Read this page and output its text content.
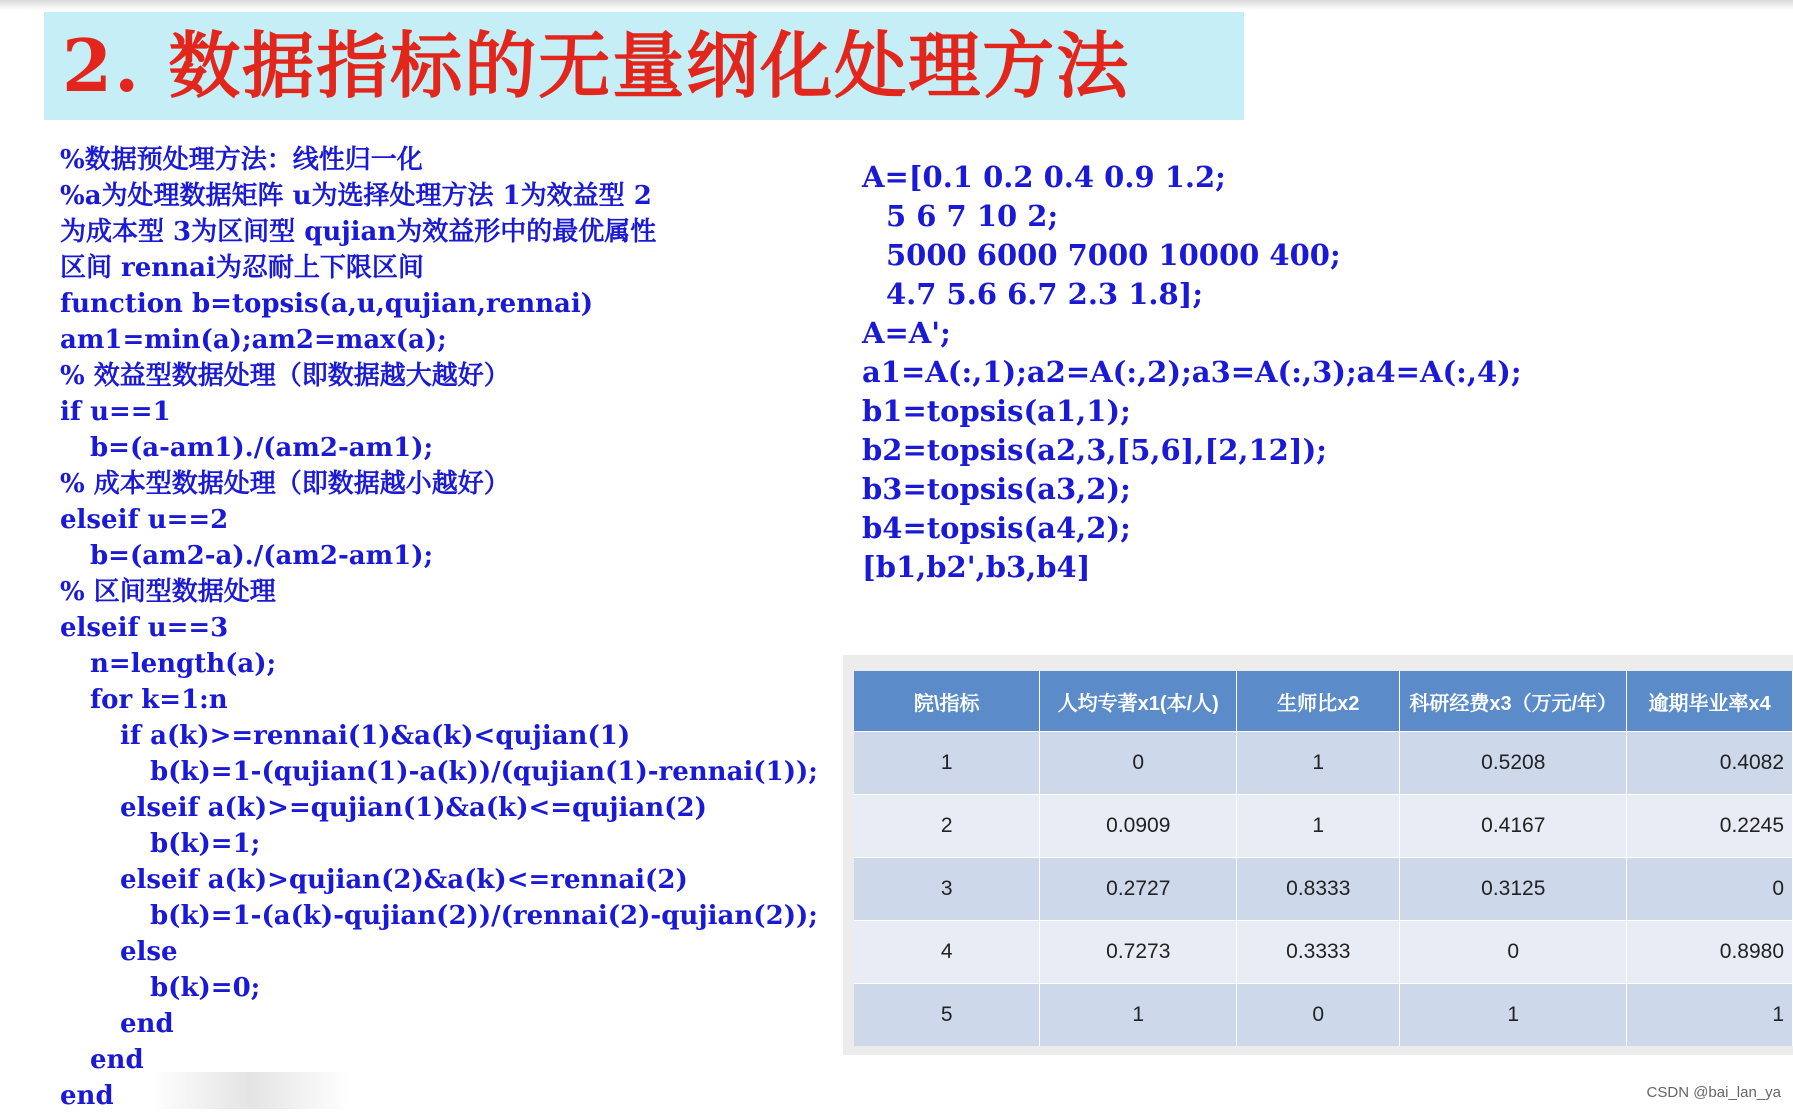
2. 数据指标的无量纲化处理方法
%数据预处理方法：线性归一化
%a为处理数据矩阵 u为选择处理方法 1为效益型 2
为成本型 3为区间型 qujian为效益形中的最优属性
区间 rennai为忍耐上下限区间
function b=topsis(a,u,qujian,rennai)
am1=min(a);am2=max(a);
% 效益型数据处理（即数据越大越好）
if u==1
b=(a-am1)./(am2-am1);
% 成本型数据处理（即数据越小越好）
elseif u==2
b=(am2-a)./(am2-am1);
% 区间型数据处理
elseif u==3
n=length(a);
for k=1:n
if a(k)>=rennai(1)&a(k)<qujian(1)
b(k)=1-(qujian(1)-a(k))/(qujian(1)-rennai(1));
elseif a(k)>=qujian(1)&a(k)<=qujian(2)
b(k)=1;
elseif a(k)>qujian(2)&a(k)<=rennai(2)
b(k)=1-(a(k)-qujian(2))/(rennai(2)-qujian(2));
else
b(k)=0;
end
end
end
A=[0.1 0.2 0.4 0.9 1.2;
5 6 7 10 2;
5000 6000 7000 10000 400;
4.7 5.6 6.7 2.3 1.8];
A=A';
a1=A(:,1);a2=A(:,2);a3=A(:,3);a4=A(:,4);
b1=topsis(a1,1);
b2=topsis(a2,3,[5,6],[2,12]);
b3=topsis(a3,2);
b4=topsis(a4,2);
[b1,b2',b3,b4]
院\指标	人均专著x1(本/人)	生师比x2	科研经费x3（万元/年）	逾期毕业率x4
1	0	1	0.5208	0.4082
2	0.0909	1	0.4167	0.2245
3	0.2727	0.8333	0.3125	0
4	0.7273	0.3333	0	0.8980
5	1	0	1	1
CSDN @bai_lan_ya
